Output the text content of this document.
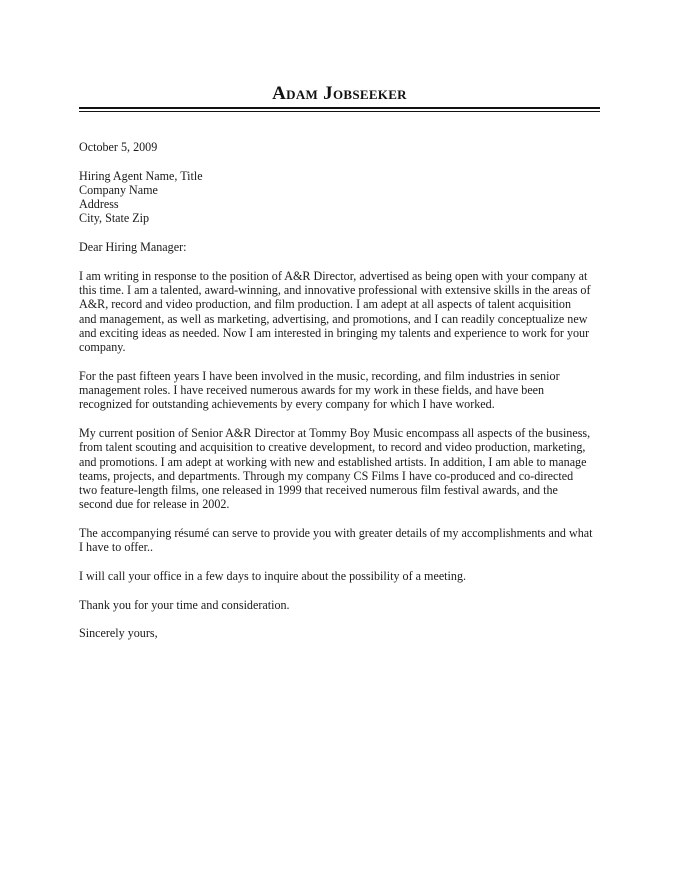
Adam Jobseeker
October 5, 2009
Hiring Agent Name, Title
Company Name
Address
City, State Zip
Dear Hiring Manager:
I am writing in response to the position of A&R Director, advertised as being open with your company at
this time. I am a talented, award-winning, and innovative professional with extensive skills in the areas of
A&R, record and video production, and film production. I am adept at all aspects of talent acquisition
and management, as well as marketing, advertising, and promotions, and I can readily conceptualize new
and exciting ideas as needed. Now I am interested in bringing my talents and experience to work for your
company.
For the past fifteen years I have been involved in the music, recording, and film industries in senior
management roles. I have received numerous awards for my work in these fields, and have been
recognized for outstanding achievements by every company for which I have worked.
My current position of Senior A&R Director at Tommy Boy Music encompass all aspects of the business,
from talent scouting and acquisition to creative development, to record and video production, marketing,
and promotions. I am adept at working with new and established artists. In addition, I am able to manage
teams, projects, and departments. Through my company CS Films I have co-produced and co-directed
two feature-length films, one released in 1999 that received numerous film festival awards, and the
second due for release in 2002.
The accompanying résumé can serve to provide you with greater details of my accomplishments and what
I have to offer..
I will call your office in a few days to inquire about the possibility of a meeting.
Thank you for your time and consideration.
Sincerely yours,
